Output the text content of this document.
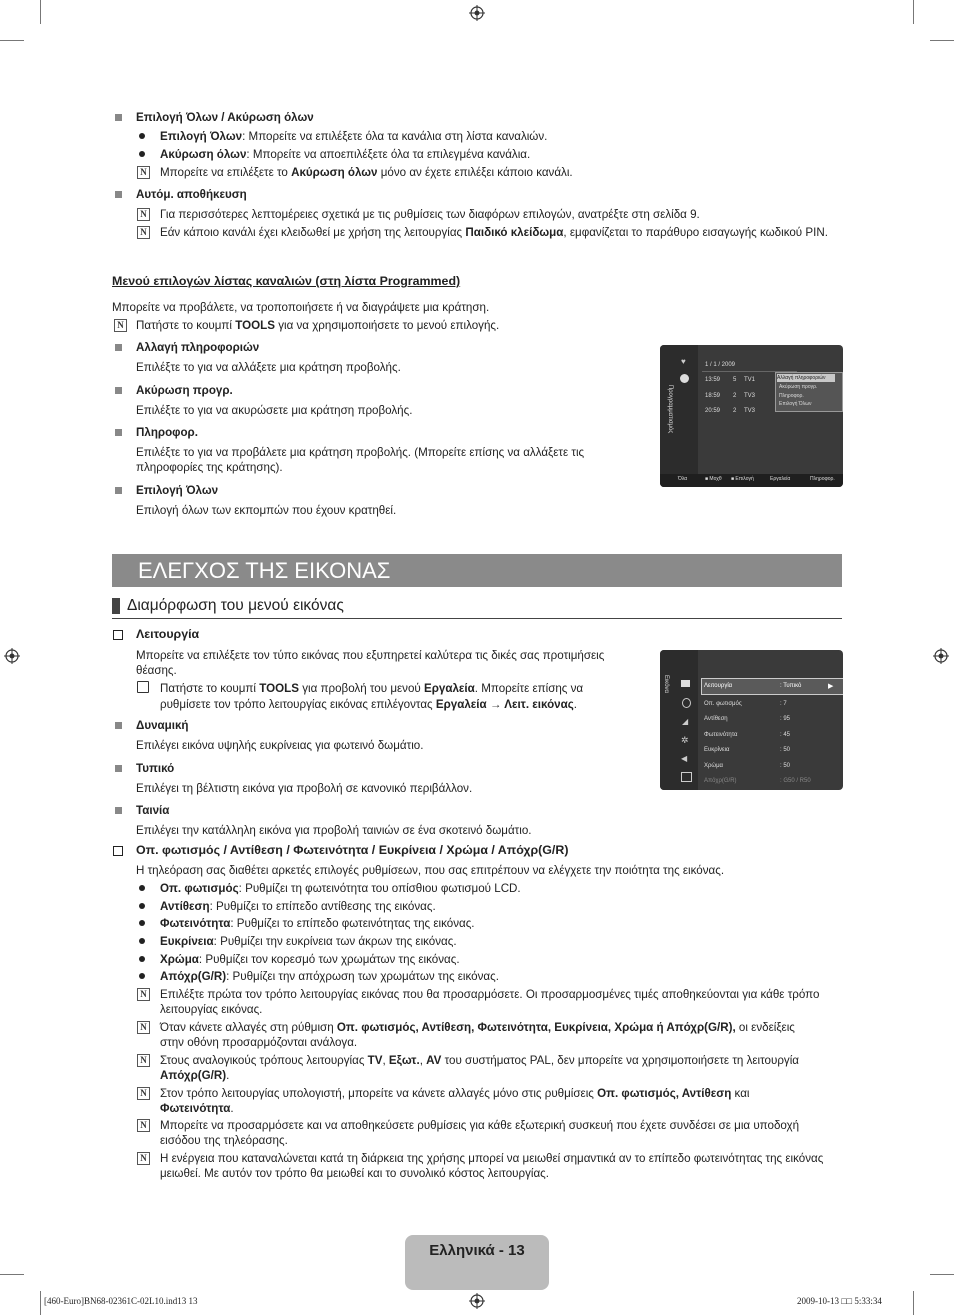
Επιλογή Όλων / Ακύρωση όλων
Επιλογή Όλων: Μπορείτε να επιλέξετε όλα τα κανάλια στη λίστα καναλιών.
Ακύρωση όλων: Μπορείτε να αποεπιλέξετε όλα τα επιλεγμένα κανάλια.
N Μπορείτε να επιλέξετε το Ακύρωση όλων μόνο αν έχετε επιλέξει κάποιο κανάλι.
Αυτόμ. αποθήκευση
N Για περισσότερες λεπτομέρειες σχετικά με τις ρυθμίσεις των διαφόρων επιλογών, ανατρέξτε στη σελίδα 9.
N Εάν κάποιο κανάλι έχει κλειδωθεί με χρήση της λειτουργίας Παιδικό κλείδωμα, εμφανίζεται το παράθυρο εισαγωγής κωδικού PIN.
Μενού επιλογών λίστας καναλιών (στη λίστα Programmed)
Μπορείτε να προβάλετε, να τροποποιήσετε ή να διαγράψετε μια κράτηση.
N Πατήστε το κουμπί TOOLS για να χρησιμοποιήσετε το μενού επιλογής.
Αλλαγή πληροφοριών
Επιλέξτε το για να αλλάξετε μια κράτηση προβολής.
Ακύρωση προγρ.
Επιλέξτε το για να ακυρώσετε μια κράτηση προβολής.
Πληροφορ.
Επιλέξτε το για να προβάλετε μια κράτηση προβολής. (Μπορείτε επίσης να αλλάξετε τις πληροφορίες της κράτησης).
Επιλογή Όλων
Επιλογή όλων των εκπομπών που έχουν κρατηθεί.
Προγραμματισμός
♥	1 / 1 / 2009
13:59 5 TV1
18:59 2 TV3
20:59 2 TV3
Αλλαγή πληροφοριών
Ακύρωση προγρ.
Πληροφορ.
Επιλογή Όλων
Όλα	■ Μοχθ ■ Επιλογή	Εργαλεία	Πληροφορ.
ΕΛΕΓΧΟΣ ΤΗΣ ΕΙΚΟΝΑΣ
Διαμόρφωση του μενού εικόνας
Λειτουργία
Μπορείτε να επιλέξετε τον τύπο εικόνας που εξυπηρετεί καλύτερα τις δικές σας προτιμήσεις θέασης.
Πατήστε το κουμπί TOOLS για προβολή του μενού Εργαλεία. Μπορείτε επίσης να
ρυθμίσετε τον τρόπο λειτουργίας εικόνας επιλέγοντας Εργαλεία → Λειτ. εικόνας.
Δυναμική
Επιλέγει εικόνα υψηλής ευκρίνειας για φωτεινό δωμάτιο.
Τυπικό
Επιλέγει τη βέλτιστη εικόνα για προβολή σε κανονικό περιβάλλον.
Ταινία
Επιλέγει την κατάλληλη εικόνα για προβολή ταινιών σε ένα σκοτεινό δωμάτιο.
Εικόνα
◢
✲
◀
Λειτουργία	: Τυπικό	▶
Οπ. φωτισμός	: 7
Αντίθεση	: 95
Φωτεινότητα	: 45
Ευκρίνεια	: 50
Χρώμα	: 50
Απόχρ(G/R)	: G50 / R50
Οπ. φωτισμός / Αντίθεση / Φωτεινότητα / Ευκρίνεια / Χρώμα / Απόχρ(G/R)
Η τηλεόραση σας διαθέτει αρκετές επιλογές ρυθμίσεων, που σας επιτρέπουν να ελέγχετε την ποιότητα της εικόνας.
Οπ. φωτισμός: Ρυθμίζει τη φωτεινότητα του οπίσθιου φωτισμού LCD.
Αντίθεση: Ρυθμίζει το επίπεδο αντίθεσης της εικόνας.
Φωτεινότητα: Ρυθμίζει το επίπεδο φωτεινότητας της εικόνας.
Ευκρίνεια: Ρυθμίζει την ευκρίνεια των άκρων της εικόνας.
Χρώμα: Ρυθμίζει τον κορεσμό των χρωμάτων της εικόνας.
Απόχρ(G/R): Ρυθμίζει την απόχρωση των χρωμάτων της εικόνας.
N Επιλέξτε πρώτα τον τρόπο λειτουργίας εικόνας που θα προσαρμόσετε. Οι προσαρμοσμένες τιμές αποθηκεύονται για κάθε τρόπο λειτουργίας εικόνας.
N Όταν κάνετε αλλαγές στη ρύθμιση Οπ. φωτισμός, Αντίθεση, Φωτεινότητα, Ευκρίνεια, Χρώμα ή Απόχρ(G/R), οι ενδείξεις
στην οθόνη προσαρμόζονται ανάλογα.
N Στους αναλογικούς τρόπους λειτουργίας TV, Εξωτ., AV του συστήματος PAL, δεν μπορείτε να χρησιμοποιήσετε τη λειτουργία
Απόχρ(G/R).
N Στον τρόπο λειτουργίας υπολογιστή, μπορείτε να κάνετε αλλαγές μόνο στις ρυθμίσεις Οπ. φωτισμός, Αντίθεση και
Φωτεινότητα.
N Μπορείτε να προσαρμόσετε και να αποθηκεύσετε ρυθμίσεις για κάθε εξωτερική συσκευή που έχετε συνδέσει σε μια υποδοχή εισόδου της τηλεόρασης.
N Η ενέργεια που καταναλώνεται κατά τη διάρκεια της χρήσης μπορεί να μειωθεί σημαντικά αν το επίπεδο φωτεινότητας της εικόνας μειωθεί. Με αυτόν τον τρόπο θα μειωθεί και το συνολικό κόστος λειτουργίας.
Ελληνικά - 13
[460-Euro]BN68-02361C-02L10.ind13 13	2009-10-13 □□ 5:33:34
